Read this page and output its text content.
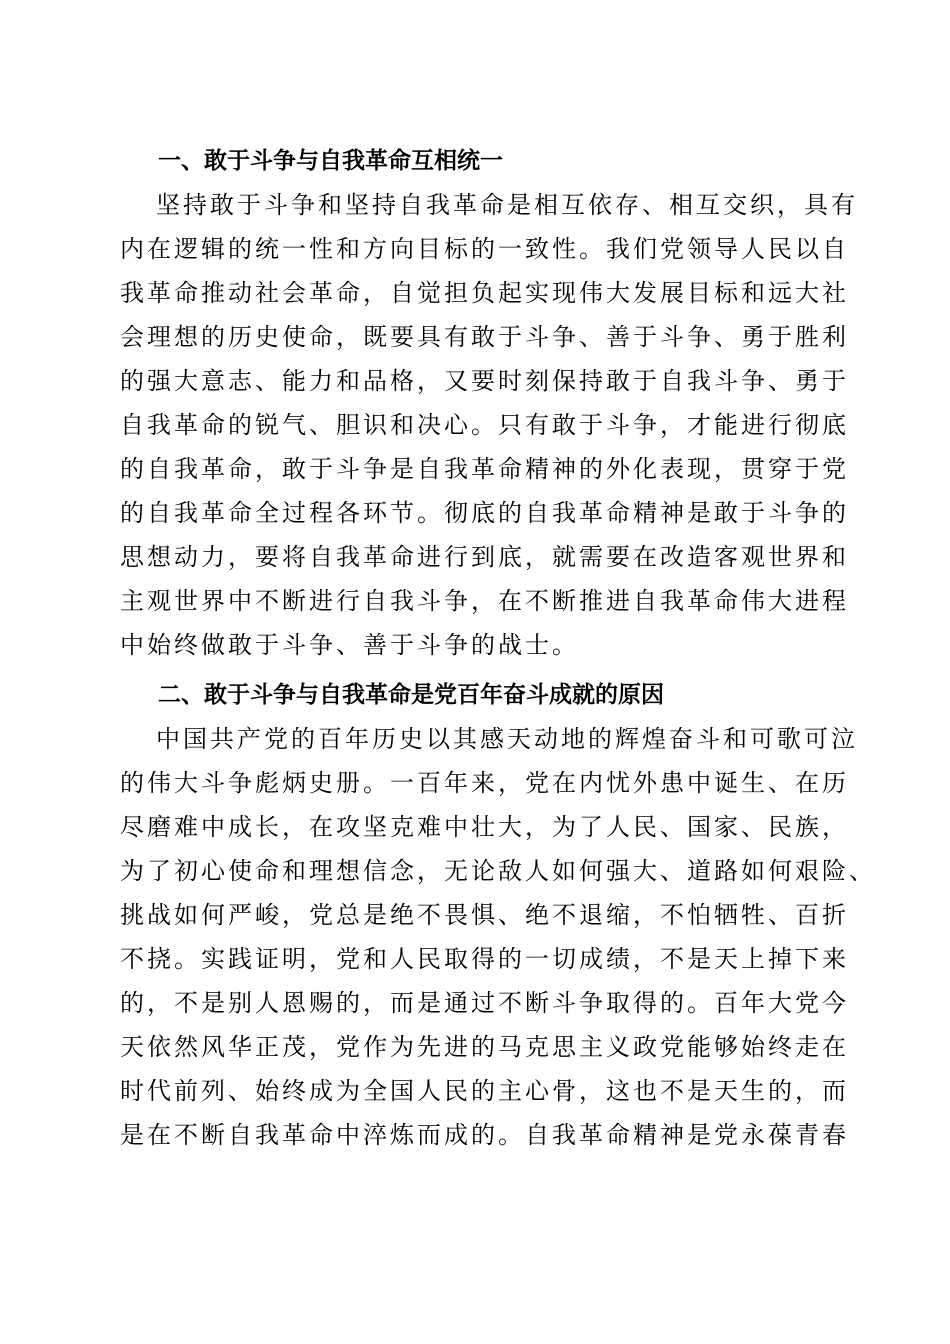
一、敢于斗争与自我革命互相统一
坚持敢于斗争和坚持自我革命是相互依存、相互交织，具有
内在逻辑的统一性和方向目标的一致性。我们党领导人民以自
我革命推动社会革命，自觉担负起实现伟大发展目标和远大社
会理想的历史使命，既要具有敢于斗争、善于斗争、勇于胜利
的强大意志、能力和品格，又要时刻保持敢于自我斗争、勇于
自我革命的锐气、胆识和决心。只有敢于斗争，才能进行彻底
的自我革命，敢于斗争是自我革命精神的外化表现，贯穿于党
的自我革命全过程各环节。彻底的自我革命精神是敢于斗争的
思想动力，要将自我革命进行到底，就需要在改造客观世界和
主观世界中不断进行自我斗争，在不断推进自我革命伟大进程
中始终做敢于斗争、善于斗争的战士。
二、敢于斗争与自我革命是党百年奋斗成就的原因
中国共产党的百年历史以其感天动地的辉煌奋斗和可歌可泣
的伟大斗争彪炳史册。一百年来，党在内忧外患中诞生、在历
尽磨难中成长，在攻坚克难中壮大，为了人民、国家、民族，
为了初心使命和理想信念，无论敌人如何强大、道路如何艰险、
挑战如何严峻，党总是绝不畏惧、绝不退缩，不怕牺牲、百折
不挠。实践证明，党和人民取得的一切成绩，不是天上掉下来
的，不是别人恩赐的，而是通过不断斗争取得的。百年大党今
天依然风华正茂，党作为先进的马克思主义政党能够始终走在
时代前列、始终成为全国人民的主心骨，这也不是天生的，而
是在不断自我革命中淬炼而成的。自我革命精神是党永葆青春
